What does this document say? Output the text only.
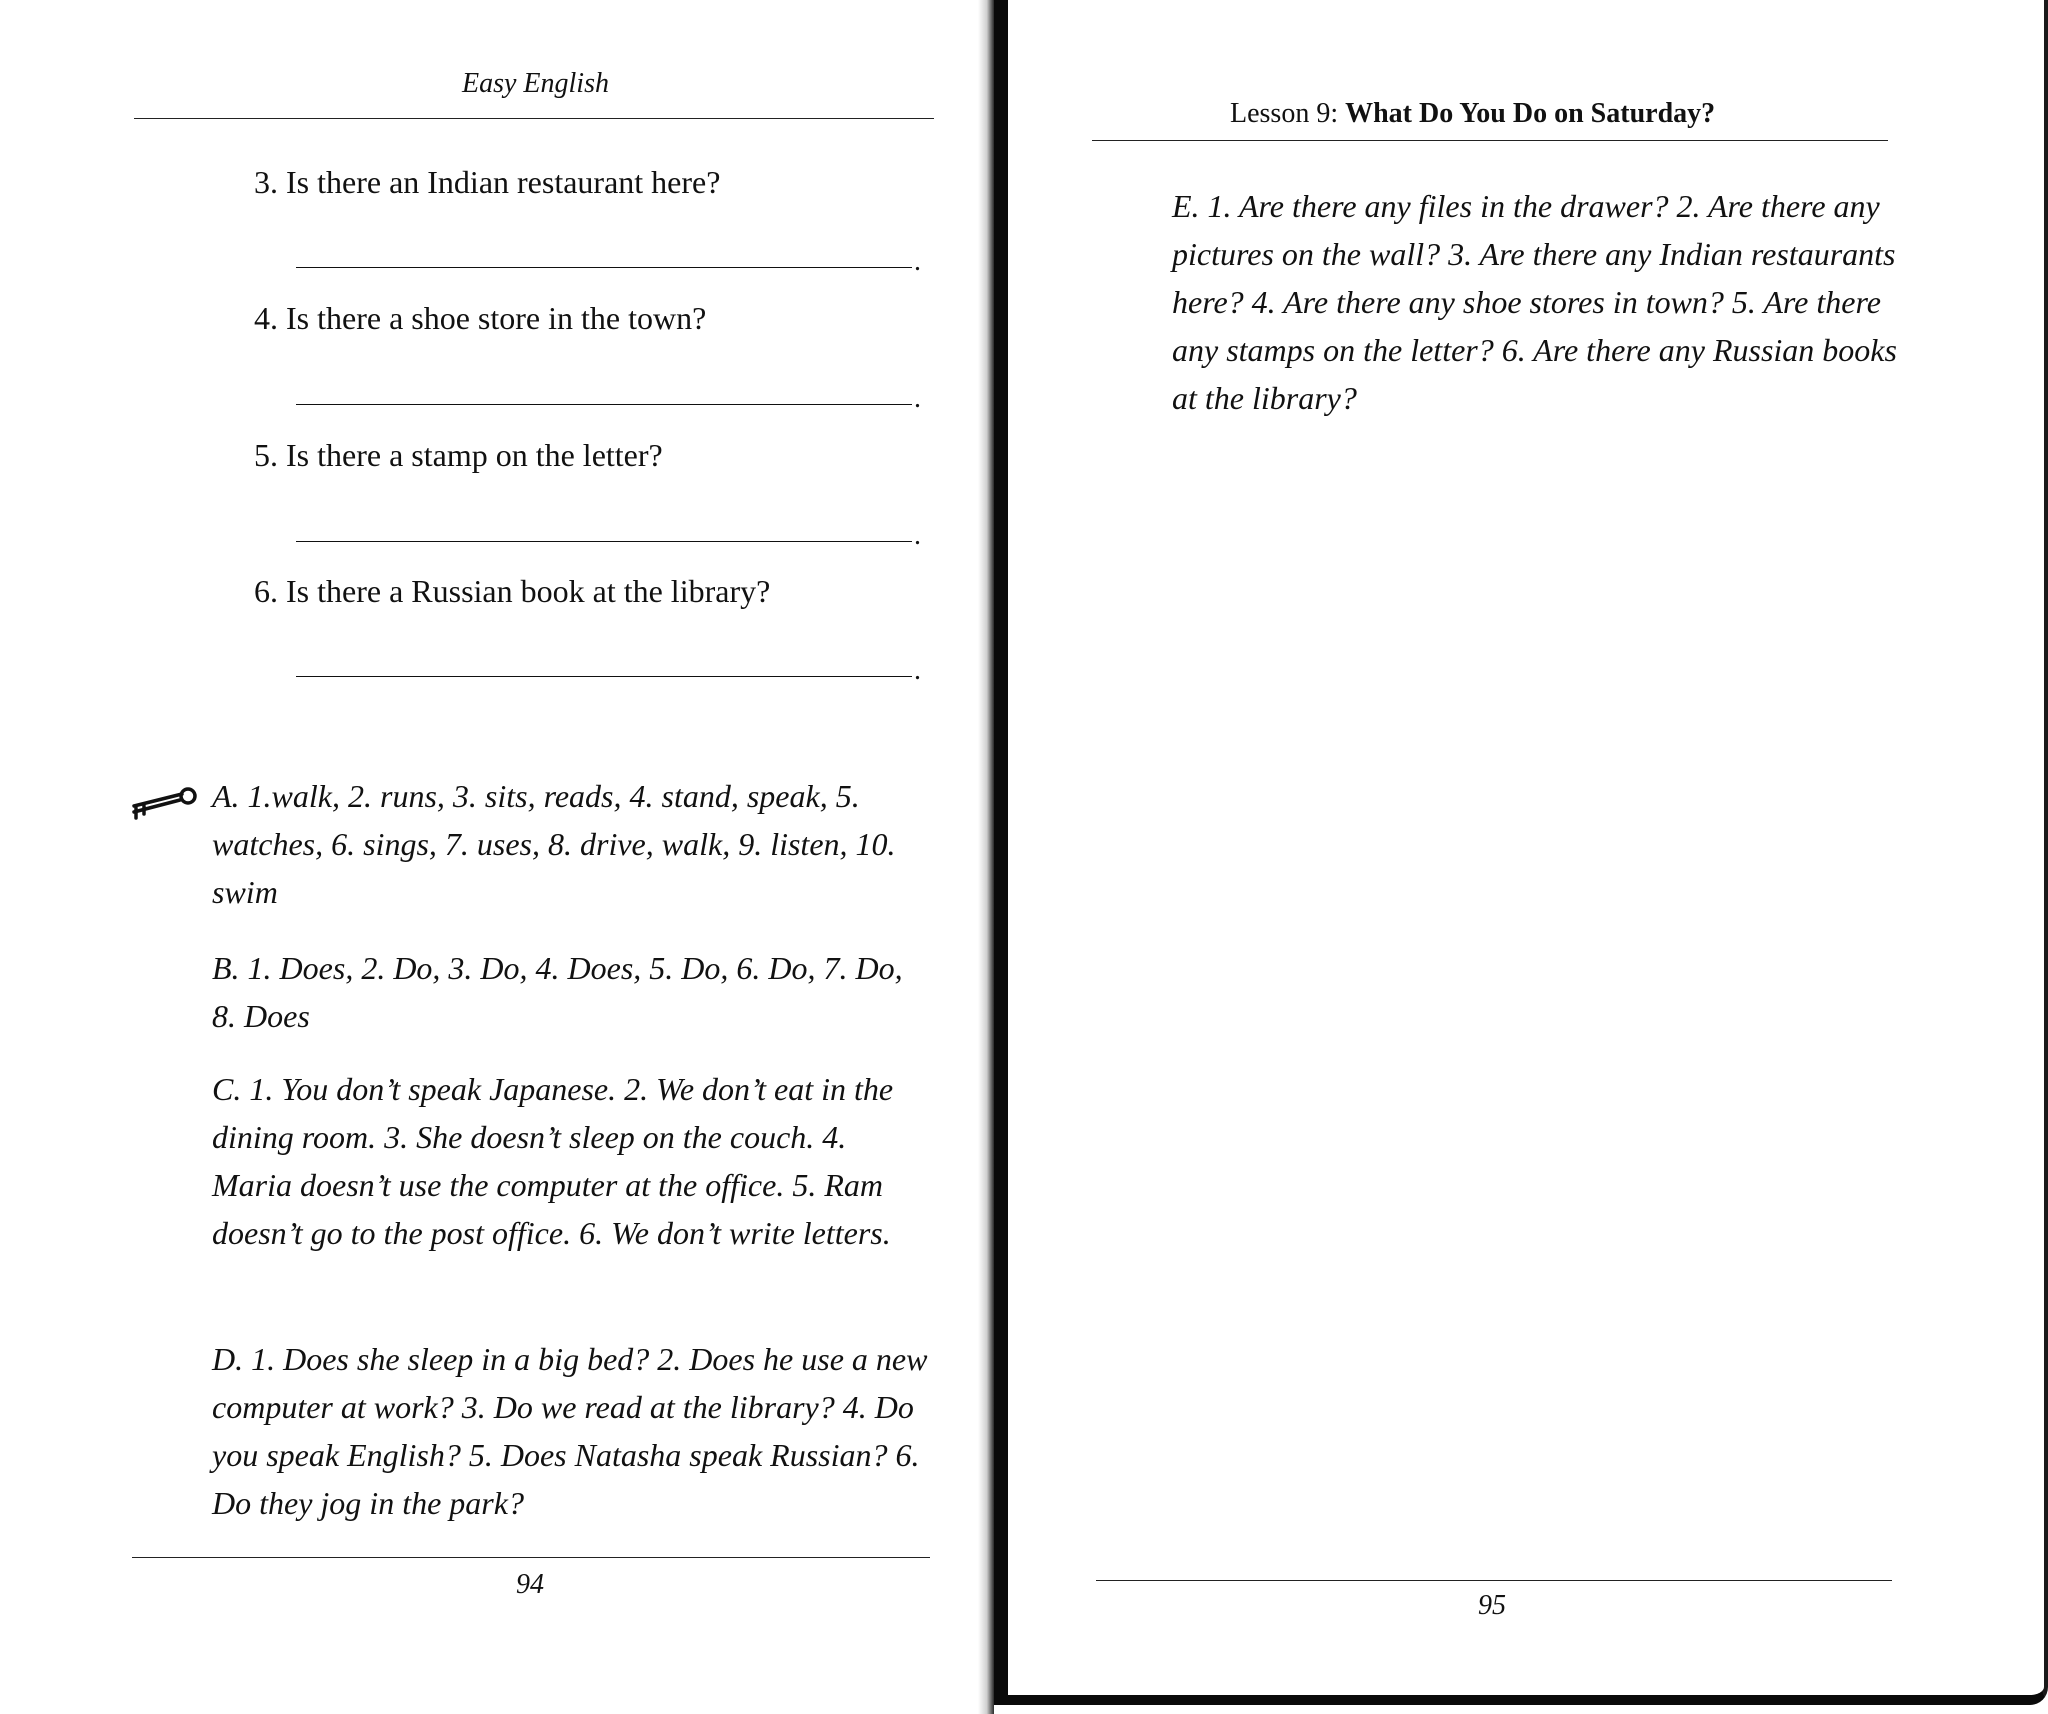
Easy English
3. Is there an Indian restaurant here?
.
4. Is there a shoe store in the town?
.
5. Is there a stamp on the letter?
.
6. Is there a Russian book at the library?
.

A. 1.walk, 2. runs, 3. sits, reads, 4. stand, speak, 5. watches, 6. sings, 7. uses, 8. drive, walk, 9. listen, 10. swim

B. 1. Does, 2. Do, 3. Do, 4. Does, 5. Do, 6. Do, 7. Do, 8. Does

C. 1. You don’t speak Japanese. 2. We don’t eat in the dining room. 3. She doesn’t sleep on the couch. 4. Maria doesn’t use the computer at the office. 5. Ram doesn’t go to the post office. 6. We don’t write letters.

D. 1. Does she sleep in a big bed? 2. Does he use a new computer at work? 3. Do we read at the library? 4. Do you speak English? 5. Does Natasha speak Russian? 6. Do they jog in the park?

94
Lesson 9: What Do You Do on Saturday?

E. 1. Are there any files in the drawer? 2. Are there any pictures on the wall? 3. Are there any Indian restaurants here? 4. Are there any shoe stores in town? 5. Are there any stamps on the letter? 6. Are there any Russian books at the library?

95
